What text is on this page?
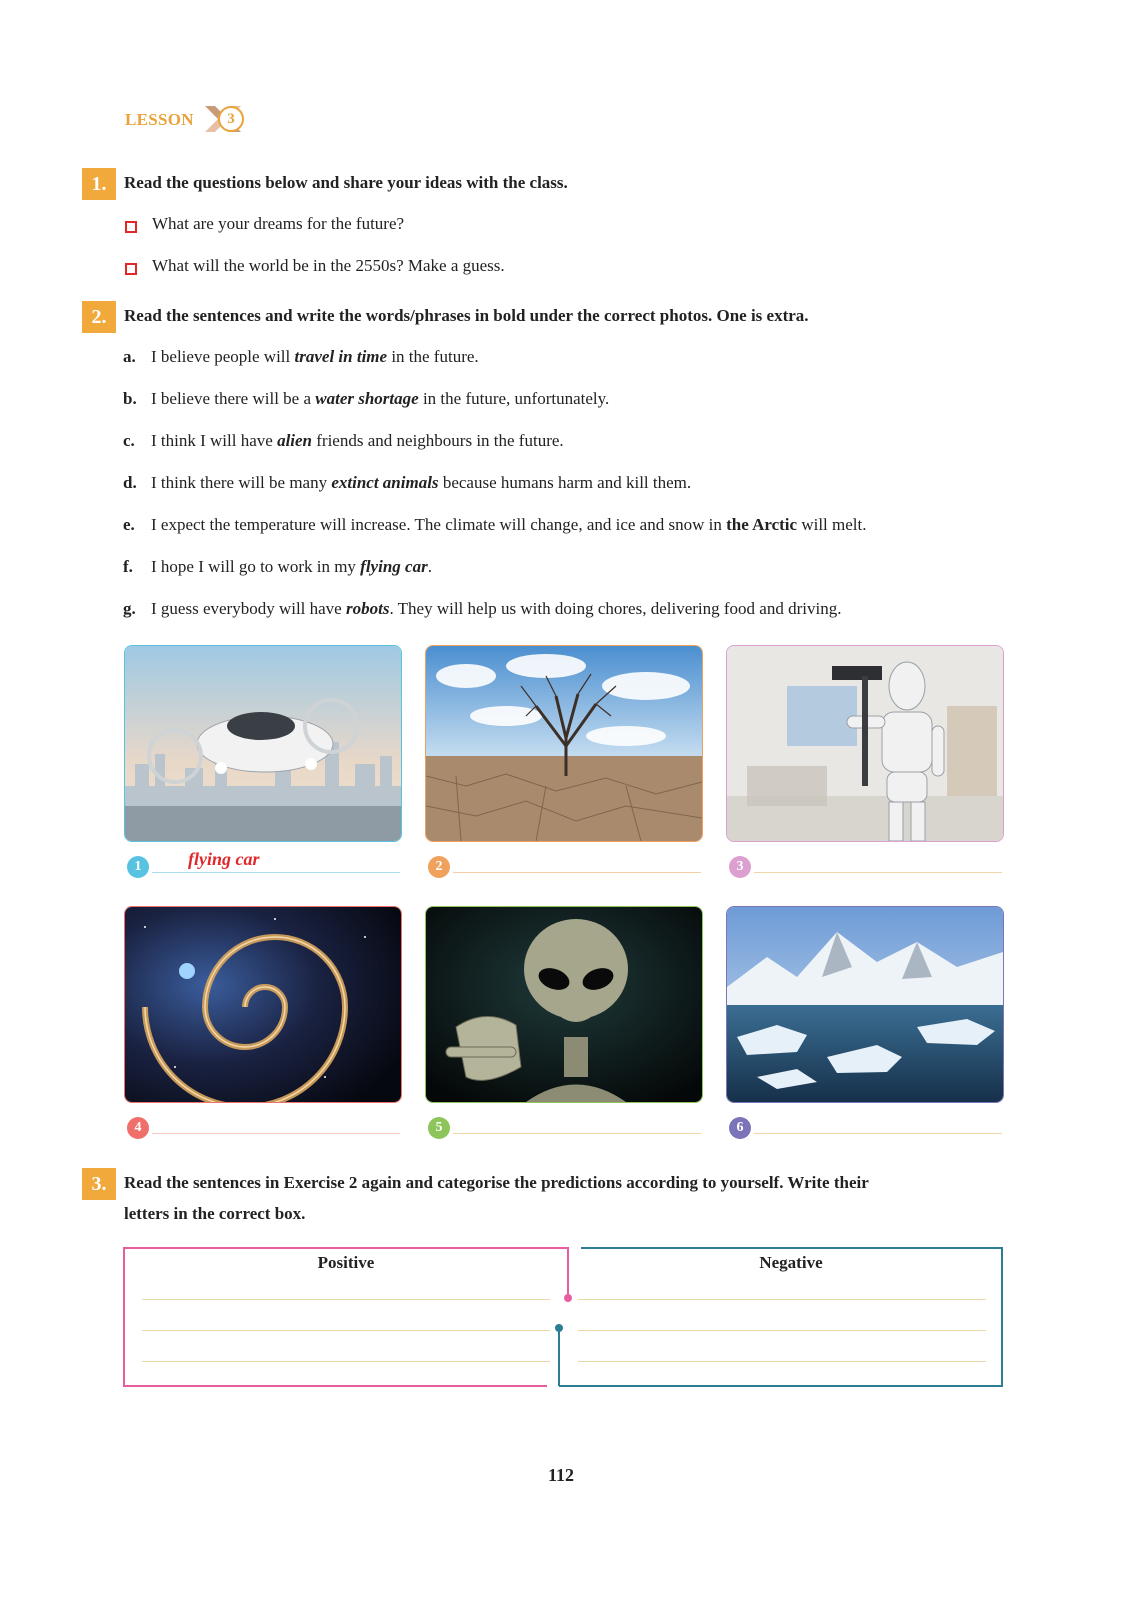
LESSON	3
1.	Read the questions below and share your ideas with the class.
What are your dreams for the future?
What will the world be in the 2550s? Make a guess.
2.	Read the sentences and write the words/phrases in bold under the correct photos. One is extra.
a. I believe people will travel in time in the future.
b. I believe there will be a water shortage in the future, unfortunately.
c. I think I will have alien friends and neighbours in the future.
d. I think there will be many extinct animals because humans harm and kill them.
e. I expect the temperature will increase. The climate will change, and ice and snow in the Arctic will melt.
f. I hope I will go to work in my flying car.
g. I guess everybody will have robots. They will help us with doing chores, delivering food and driving.
1	flying car	2	3
4	5	6
3.	Read the sentences in Exercise 2 again and categorise the predictions according to yourself. Write their
letters in the correct box.
Positive	Negative
112
